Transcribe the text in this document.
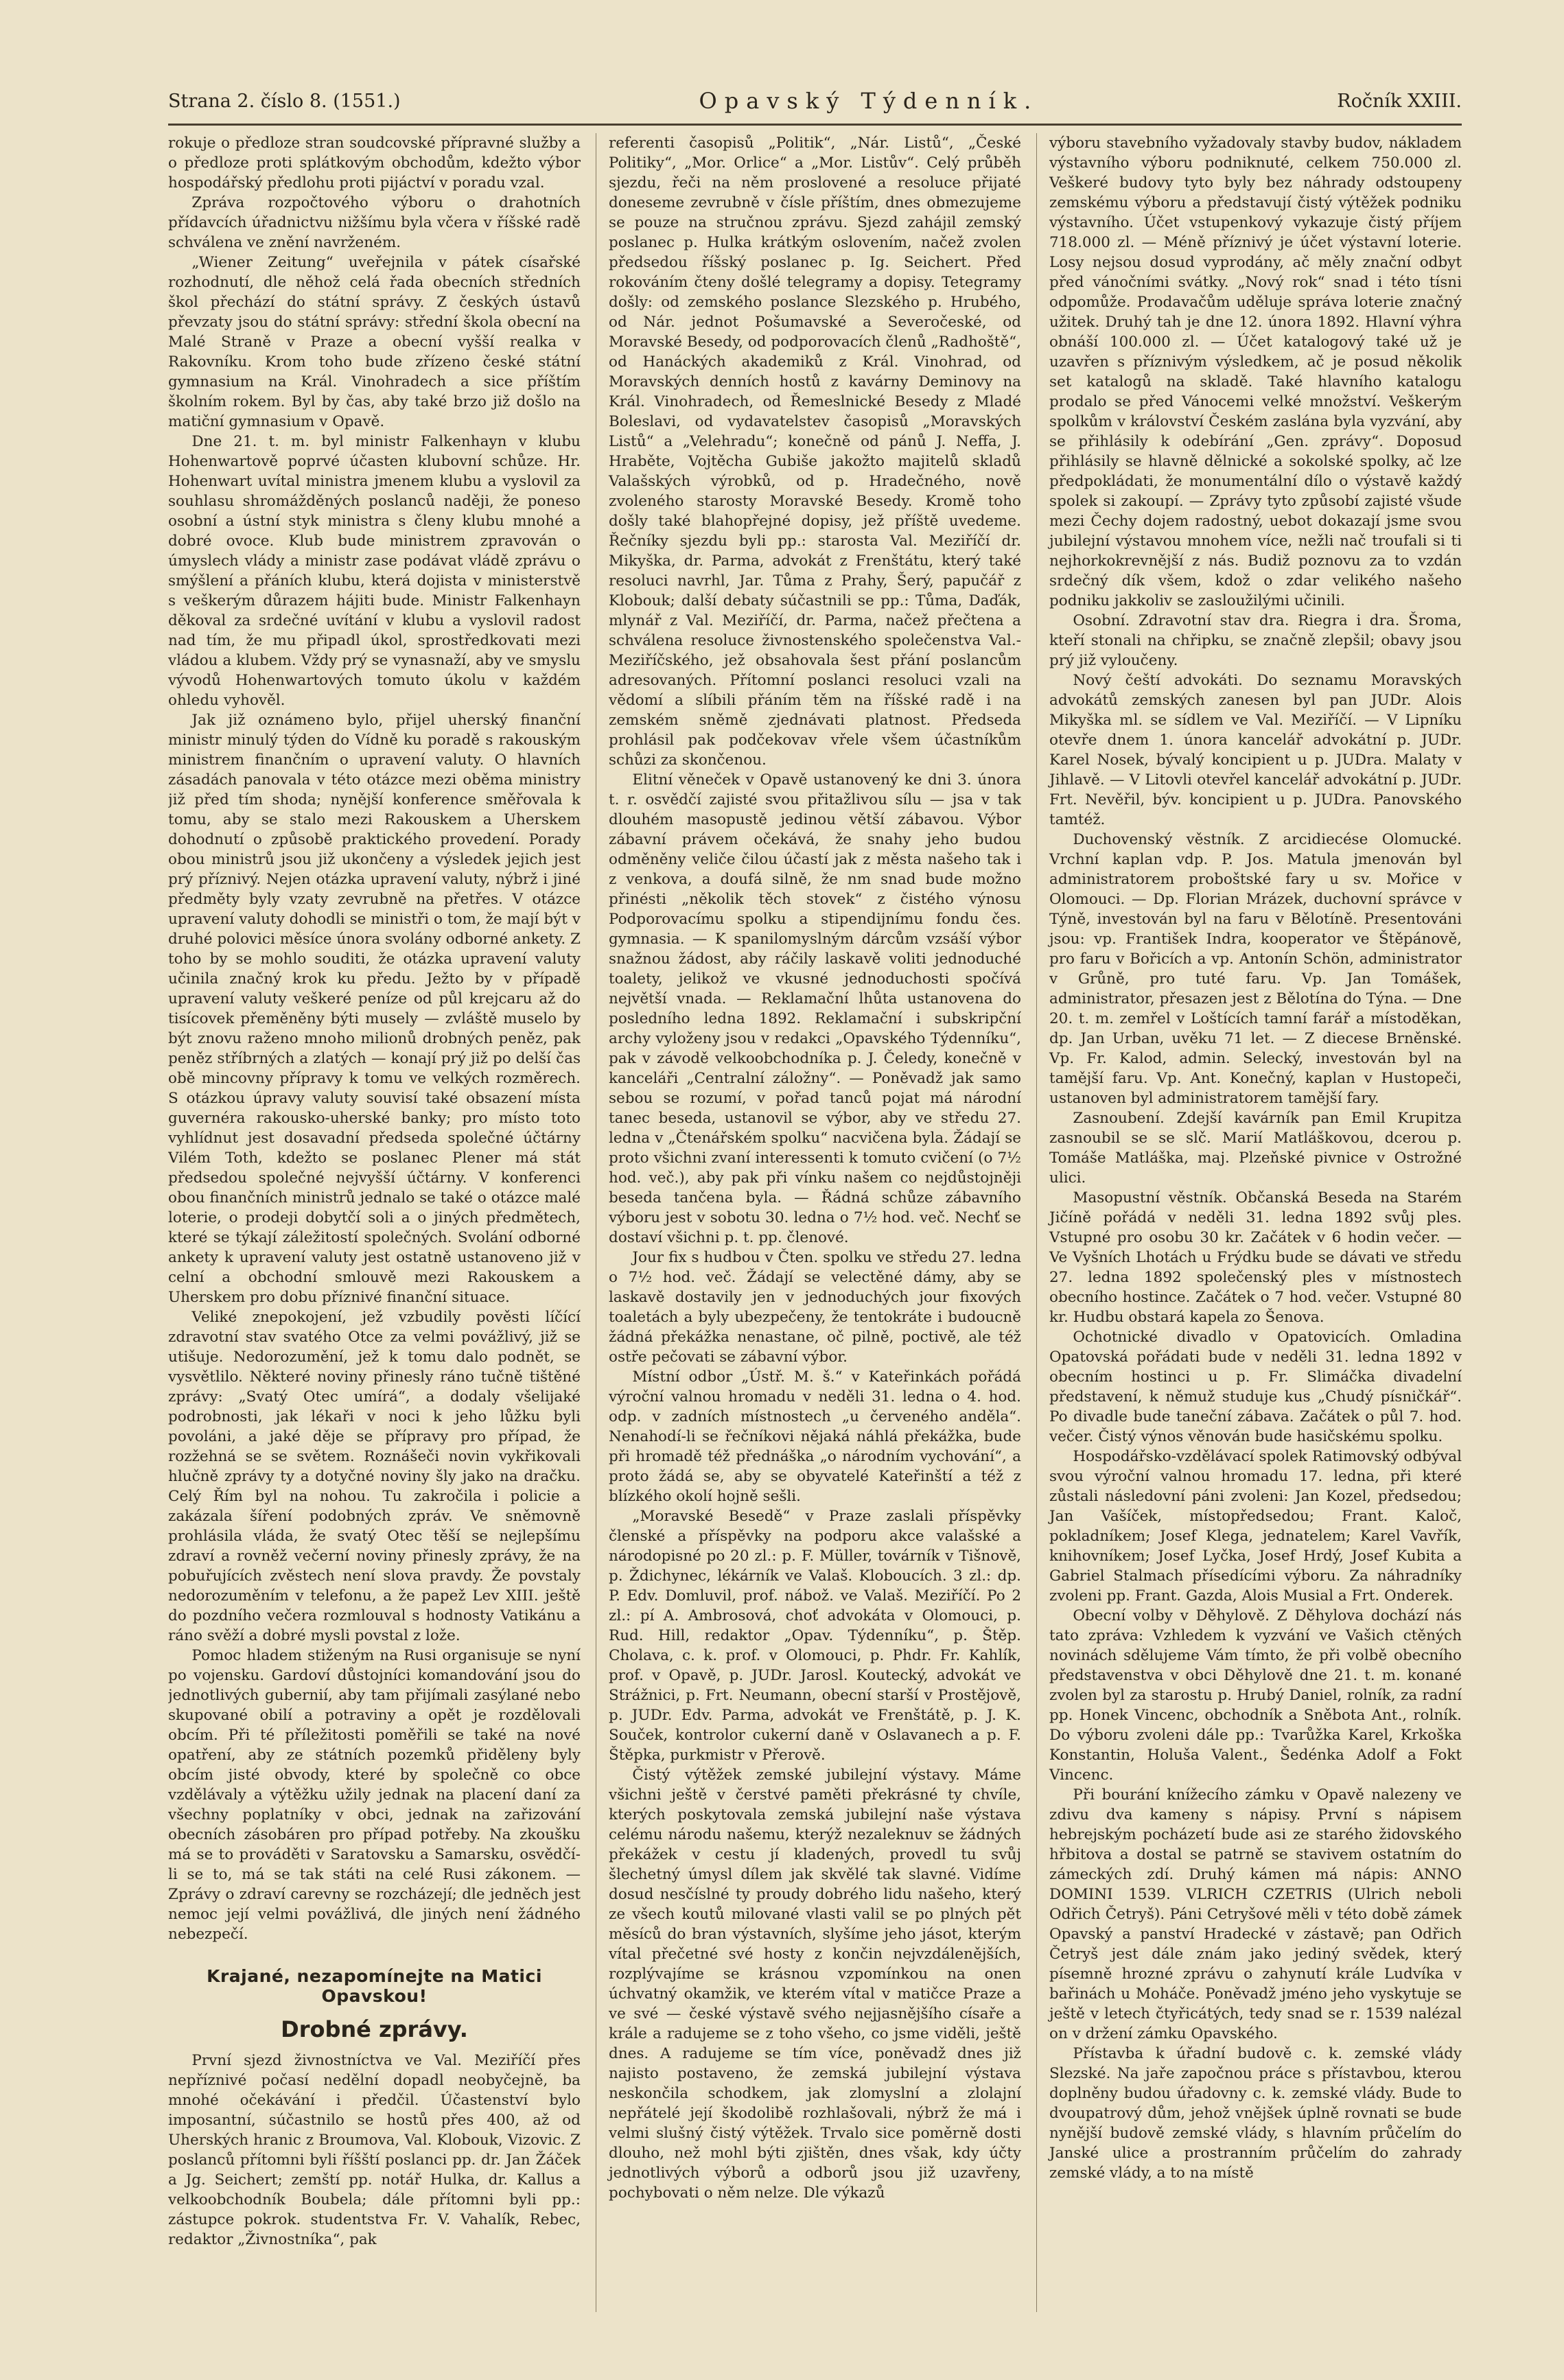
Strana 2. číslo 8. (1551.)	Opavský Týdenník.	Ročník XXIII.

rokuje o předloze stran soudcovské přípravné služby a o předloze proti splátkovým obchodům, kdežto výbor hospodářský předlohu proti pijáctví v poradu vzal.

Zpráva rozpočtového výboru o drahotních přídavcích úřadnictvu nižšímu byla včera v říšské radě schválena ve znění navrženém.

„Wiener Zeitung“ uveřejnila v pátek císařské rozhodnutí, dle něhož celá řada obecních středních škol přechází do státní správy. Z českých ústavů převzaty jsou do státní správy: střední škola obecní na Malé Straně v Praze a obecní vyšší realka v Rakovníku. Krom toho bude zřízeno české státní gymnasium na Král. Vinohradech a sice příštím školním rokem. Byl by čas, aby také brzo již došlo na matiční gymnasium v Opavě.

Dne 21. t. m. byl ministr Falkenhayn v klubu Hohenwartově poprvé účasten klubovní schůze. Hr. Hohenwart uvítal ministra jmenem klubu a vyslovil za souhlasu shromážděných poslanců naději, že poneso osobní a ústní styk ministra s členy klubu mnohé a dobré ovoce. Klub bude ministrem zpravován o úmyslech vlády a ministr zase podávat vládě zprávu o smýšlení a přáních klubu, která dojista v ministerstvě s veškerým důrazem hájiti bude. Ministr Falkenhayn děkoval za srdečné uvítání v klubu a vyslovil radost nad tím, že mu připadl úkol, sprostředkovati mezi vládou a klubem. Vždy prý se vynasnaží, aby ve smyslu vývodů Hohenwartových tomuto úkolu v každém ohledu vyhověl.

Jak již oznámeno bylo, přijel uherský finanční ministr minulý týden do Vídně ku poradě s rakouským ministrem finančním o upravení valuty. O hlavních zásadách panovala v této otázce mezi oběma ministry již před tím shoda; nynější konference směřovala k tomu, aby se stalo mezi Rakouskem a Uherskem dohodnutí o způsobě praktického provedení. Porady obou ministrů jsou již ukončeny a výsledek jejich jest prý příznivý. Nejen otázka upravení valuty, nýbrž i jiné předměty byly vzaty zevrubně na přetřes. V otázce upravení valuty dohodli se ministři o tom, že mají být v druhé polovici měsíce února svolány odborné ankety. Z toho by se mohlo souditi, že otázka upravení valuty učinila značný krok ku předu. Ježto by v případě upravení valuty veškeré peníze od půl krejcaru až do tisícovek přeměněny býti musely — zvláště muselo by být znovu raženo mnoho milionů drobných peněz, pak peněz stříbrných a zlatých — konají prý již po delší čas obě mincovny přípravy k tomu ve velkých rozměrech. S otázkou úpravy valuty souvisí také obsazení místa guvernéra rakousko-uherské banky; pro místo toto vyhlídnut jest dosavadní předseda společné účtárny Vilém Toth, kdežto se poslanec Plener má stát předsedou společné nejvyšší účtárny. V konferenci obou finančních ministrů jednalo se také o otázce malé loterie, o prodeji dobytčí soli a o jiných předmětech, které se týkají záležitostí společných. Svolání odborné ankety k upravení valuty jest ostatně ustanoveno již v celní a obchodní smlouvě mezi Rakouskem a Uherskem pro dobu příznivé finanční situace.

Veliké znepokojení, jež vzbudily pověsti líčící zdravotní stav svatého Otce za velmi povážlivý, již se utišuje. Nedorozumění, jež k tomu dalo podnět, se vysvětlilo. Některé noviny přinesly ráno tučně tištěné zprávy: „Svatý Otec umírá“, a dodaly všelijaké podrobnosti, jak lékaři v noci k jeho lůžku byli povoláni, a jaké děje se přípravy pro případ, že rozžehná se se světem. Roznášeči novin vykřikovali hlučně zprávy ty a dotyčné noviny šly jako na dračku. Celý Řím byl na nohou. Tu zakročila i policie a zakázala šíření podobných zpráv. Ve sněmovně prohlásila vláda, že svatý Otec těší se nejlepšímu zdraví a rovněž večerní noviny přinesly zprávy, že na pobuřujících zvěstech není slova pravdy. Že povstaly nedorozuměním v telefonu, a že papež Lev XIII. ještě do pozdního večera rozmlouval s hodnosty Vatikánu a ráno svěží a dobré mysli povstal z lože.

Pomoc hladem stiženým na Rusi organisuje se nyní po vojensku. Gardoví důstojníci komandování jsou do jednotlivých gubernií, aby tam přijímali zasýlané nebo skupované obilí a potraviny a opět je rozdělovali obcím. Při té příležitosti poměřili se také na nové opatření, aby ze státních pozemků přiděleny byly obcím jisté obvody, které by společně co obce vzdělávaly a výtěžku užily jednak na placení daní za všechny poplatníky v obci, jednak na zařizování obecních zásobáren pro případ potřeby. Na zkoušku má se to prováděti v Saratovsku a Samarsku, osvědčí-li se to, má se tak státi na celé Rusi zákonem. — Zprávy o zdraví carevny se rozcházejí; dle jedněch jest nemoc její velmi povážlivá, dle jiných není žádného nebezpečí.

Krajané, nezapomínejte na Matici Opavskou!
Drobné zprávy.

První sjezd živnostníctva ve Val. Meziříčí přes nepříznivé počasí nedělní dopadl neobyčejně, ba mnohé očekávání i předčil. Účastenství bylo imposantní, súčastnilo se hostů přes 400, až od Uherských hranic z Broumova, Val. Klobouk, Vizovic. Z poslanců přítomni byli říšští poslanci pp. dr. Jan Žáček a Jg. Seichert; zemští pp. notář Hulka, dr. Kallus a velkoobchodník Boubela; dále přítomni byli pp.: zástupce pokrok. studentstva Fr. V. Vahalík, Rebec, redaktor „Živnostníka“, pak

referenti časopisů „Politik“, „Nár. Listů“, „České Politiky“, „Mor. Orlice“ a „Mor. Listův“. Celý průběh sjezdu, řeči na něm proslovené a resoluce přijaté doneseme zevrubně v čísle příštím, dnes obmezujeme se pouze na stručnou zprávu. Sjezd zahájil zemský poslanec p. Hulka krátkým oslovením, načež zvolen předsedou říšský poslanec p. Ig. Seichert. Před rokováním čteny došlé telegramy a dopisy. Tetegramy došly: od zemského poslance Slezského p. Hrubého, od Nár. jednot Pošumavské a Severočeské, od Moravské Besedy, od podporovacích členů „Radhoště“, od Hanáckých akademiků z Král. Vinohrad, od Moravských denních hostů z kavárny Deminovy na Král. Vinohradech, od Řemeslnické Besedy z Mladé Boleslavi, od vydavatelstev časopisů „Moravských Listů“ a „Velehradu“; konečně od pánů J. Neffa, J. Hraběte, Vojtěcha Gubiše jakožto majitelů skladů Valašských výrobků, od p. Hradečného, nově zvoleného starosty Moravské Besedy. Kromě toho došly také blahopřejné dopisy, jež příště uvedeme. Řečníky sjezdu byli pp.: starosta Val. Meziříčí dr. Mikyška, dr. Parma, advokát z Frenštátu, který také resoluci navrhl, Jar. Tůma z Prahy, Šerý, papučář z Klobouk; další debaty súčastnili se pp.: Tůma, Daďák, mlynář z Val. Meziříčí, dr. Parma, načež přečtena a schválena resoluce živnostenského společenstva Val.-Meziříčského, jež obsahovala šest přání poslancům adresovaných. Přítomní poslanci resoluci vzali na vědomí a slíbili přáním těm na říšské radě i na zemském sněmě zjednávati platnost. Předseda prohlásil pak podčekovav vřele všem účastníkům schůzi za skončenou.

Elitní věneček v Opavě ustanovený ke dni 3. února t. r. osvědčí zajisté svou přitažlivou sílu — jsa v tak dlouhém masopustě jedinou větší zábavou. Výbor zábavní právem očekává, že snahy jeho budou odměněny veliče čilou účastí jak z města našeho tak i z venkova, a doufá silně, že nm snad bude možno přinésti „několik těch stovek“ z čistého výnosu Podporovacímu spolku a stipendijnímu fondu čes. gymnasia. — K spanilomyslným dárcům vzsáší výbor snažnou žádost, aby ráčily laskavě voliti jednoduché toalety, jelikož ve vkusné jednoduchosti spočívá největší vnada. — Reklamační lhůta ustanovena do posledního ledna 1892. Reklamační i subskripční archy vyloženy jsou v redakci „Opavského Týdenníku“, pak v závodě velkoobchodníka p. J. Čeledy, konečně v kanceláři „Centralní záložny“. — Poněvadž jak samo sebou se rozumí, v pořad tanců pojat má národní tanec beseda, ustanovil se výbor, aby ve středu 27. ledna v „Čtenářském spolku“ nacvičena byla. Žádají se proto všichni zvaní interessenti k tomuto cvičení (o 7½ hod. več.), aby pak při vínku našem co nejdůstojněji beseda tančena byla. — Řádná schůze zábavního výboru jest v sobotu 30. ledna o 7½ hod. več. Nechť se dostaví všichni p. t. pp. členové.

Jour fix s hudbou v Čten. spolku ve středu 27. ledna o 7½ hod. več. Žádají se velectěné dámy, aby se laskavě dostavily jen v jednoduchých jour fixových toaletách a byly ubezpečeny, že tentokráte i budoucně žádná překážka nenastane, oč pilně, poctivě, ale též ostře pečovati se zábavní výbor.

Místní odbor „Ústř. M. š.“ v Kateřinkách pořádá výroční valnou hromadu v neděli 31. ledna o 4. hod. odp. v zadních místnostech „u červeného anděla“. Nenahodí-li se řečníkovi nějaká náhlá překážka, bude při hromadě též přednáška „o národním vychování“, a proto žádá se, aby se obyvatelé Kateřinští a též z blízkého okolí hojně sešli.

„Moravské Besedě“ v Praze zaslali příspěvky členské a příspěvky na podporu akce valašské a národopisné po 20 zl.: p. F. Müller, továrník v Tišnově, p. Ždichynec, lékárník ve Valaš. Kloboucích. 3 zl.: dp. P. Edv. Domluvil, prof. nábož. ve Valaš. Meziříčí. Po 2 zl.: pí A. Ambrosová, choť advokáta v Olomouci, p. Rud. Hill, redaktor „Opav. Týdenníku“, p. Štěp. Cholava, c. k. prof. v Olomouci, p. Phdr. Fr. Kahlík, prof. v Opavě, p. JUDr. Jarosl. Koutecký, advokát ve Strážnici, p. Frt. Neumann, obecní starší v Prostějově, p. JUDr. Edv. Parma, advokát ve Frenštátě, p. J. K. Souček, kontrolor cukerní daně v Oslavanech a p. F. Štěpka, purkmistr v Přerově.

Čistý výtěžek zemské jubilejní výstavy. Máme všichni ještě v čerstvé paměti překrásné ty chvíle, kterých poskytovala zemská jubilejní naše výstava celému národu našemu, kterýž nezaleknuv se žádných překážek v cestu jí kladených, provedl tu svůj šlechetný úmysl dílem jak skvělé tak slavné. Vidíme dosud nesčíslné ty proudy dobrého lidu našeho, který ze všech koutů milované vlasti valil se po plných pět měsíců do bran výstavních, slyšíme jeho jásot, kterým vítal přečetné své hosty z končin nejvzdálenějších, rozplývajíme se krásnou vzpomínkou na onen úchvatný okamžik, ve kterém vítal v matičce Praze a ve své — české výstavě svého nejjasnějšího císaře a krále a radujeme se z toho všeho, co jsme viděli, ještě dnes. A radujeme se tím více, poněvadž dnes již najisto postaveno, že zemská jubilejní výstava neskončila schodkem, jak zlomyslní a zlolajní nepřátelé její škodolibě rozhlašovali, nýbrž že má i velmi slušný čistý výtěžek. Trvalo sice poměrně dosti dlouho, než mohl býti zjištěn, dnes však, kdy účty jednotlivých výborů a odborů jsou již uzavřeny, pochybovati o něm nelze. Dle výkazů

výboru stavebního vyžadovaly stavby budov, nákladem výstavního výboru podniknuté, celkem 750.000 zl. Veškeré budovy tyto byly bez náhrady odstoupeny zemskému výboru a představují čistý výtěžek podniku výstavního. Účet vstupenkový vykazuje čistý příjem 718.000 zl. — Méně příznivý je účet výstavní loterie. Losy nejsou dosud vyprodány, ač měly znační odbyt před vánočními svátky. „Nový rok“ snad i této tísni odpomůže. Prodavačům uděluje správa loterie značný užitek. Druhý tah je dne 12. února 1892. Hlavní výhra obnáší 100.000 zl. — Účet katalogový také už je uzavřen s příznivým výsledkem, ač je posud několik set katalogů na skladě. Také hlavního katalogu prodalo se před Vánocemi velké množství. Veškerým spolkům v království Českém zaslána byla vyzvání, aby se přihlásily k odebírání „Gen. zprávy“. Doposud přihlásily se hlavně dělnické a sokolské spolky, ač lze předpokládati, že monumentální dílo o výstavě každý spolek si zakoupí. — Zprávy tyto způsobí zajisté všude mezi Čechy dojem radostný, uebot dokazají jsme svou jubilejní výstavou mnohem více, nežli nač troufali si ti nejhorkokrevnější z nás. Budiž poznovu za to vzdán srdečný dík všem, kdož o zdar velikého našeho podniku jakkoliv se zasloužilými učinili.

Osobní. Zdravotní stav dra. Riegra i dra. Šroma, kteří stonali na chřipku, se značně zlepšil; obavy jsou prý již vyloučeny.

Nový čeští advokáti. Do seznamu Moravských advokátů zemských zanesen byl pan JUDr. Alois Mikyška ml. se sídlem ve Val. Meziříčí. — V Lipníku otevře dnem 1. února kancelář advokátní p. JUDr. Karel Nosek, bývalý koncipient u p. JUDra. Malaty v Jihlavě. — V Litovli otevřel kancelář advokátní p. JUDr. Frt. Nevěřil, býv. koncipient u p. JUDra. Panovského tamtéž.

Duchovenský věstník. Z arcidiecése Olomucké. Vrchní kaplan vdp. P. Jos. Matula jmenován byl administratorem proboštské fary u sv. Mořice v Olomouci. — Dp. Florian Mrázek, duchovní správce v Týně, investován byl na faru v Bělotíně. Presentováni jsou: vp. František Indra, kooperator ve Štěpánově, pro faru v Bořicích a vp. Antonín Schön, administrator v Grůně, pro tuté faru. Vp. Jan Tomášek, administrator, přesazen jest z Bělotína do Týna. — Dne 20. t. m. zemřel v Loštících tamní farář a místoděkan, dp. Jan Urban, uvěku 71 let. — Z diecese Brněnské. Vp. Fr. Kalod, admin. Selecký, investován byl na tamější faru. Vp. Ant. Konečný, kaplan v Hustopeči, ustanoven byl administratorem tamější fary.

Zasnoubení. Zdejší kavárník pan Emil Krupitza zasnoubil se se slč. Marií Matláškovou, dcerou p. Tomáše Matláška, maj. Plzeňské pivnice v Ostrožné ulici.

Masopustní věstník. Občanská Beseda na Starém Jičíně pořádá v neděli 31. ledna 1892 svůj ples. Vstupné pro osobu 30 kr. Začátek v 6 hodin večer. — Ve Vyšních Lhotách u Frýdku bude se dávati ve středu 27. ledna 1892 společenský ples v místnostech obecního hostince. Začátek o 7 hod. večer. Vstupné 80 kr. Hudbu obstará kapela zo Šenova.

Ochotnické divadlo v Opatovicích. Omladina Opatovská pořádati bude v neděli 31. ledna 1892 v obecním hostinci u p. Fr. Slimáčka divadelní představení, k němuž studuje kus „Chudý písničkář“. Po divadle bude taneční zábava. Začátek o půl 7. hod. večer. Čistý výnos věnován bude hasičskému spolku.

Hospodářsko-vzdělávací spolek Ratimovský odbýval svou výroční valnou hromadu 17. ledna, při které zůstali následovní páni zvoleni: Jan Kozel, předsedou; Jan Vašíček, místopředsedou; Frant. Kaloč, pokladníkem; Josef Klega, jednatelem; Karel Vavřík, knihovníkem; Josef Lyčka, Josef Hrdý, Josef Kubita a Gabriel Stalmach přísedícími výboru. Za náhradníky zvoleni pp. Frant. Gazda, Alois Musial a Frt. Onderek.

Obecní volby v Děhylově. Z Děhylova dochází nás tato zpráva: Vzhledem k vyzvání ve Vašich ctěných novinách sdělujeme Vám tímto, že při volbě obecního představenstva v obci Děhylově dne 21. t. m. konané zvolen byl za starostu p. Hrubý Daniel, rolník, za radní pp. Honek Vincenc, obchodník a Sněbota Ant., rolník. Do výboru zvoleni dále pp.: Tvarůžka Karel, Krkoška Konstantin, Holuša Valent., Šedénka Adolf a Fokt Vincenc.

Při bourání knížecího zámku v Opavě nalezeny ve zdivu dva kameny s nápisy. První s nápisem hebrejským pocházetí bude asi ze starého židovského hřbitova a dostal se patrně se stavivem ostatním do zámeckých zdí. Druhý kámen má nápis: ANNO DOMINI 1539. VLRICH CZETRIS (Ulrich neboli Odřich Četryš). Páni Cetryšové měli v této době zámek Opavský a panství Hradecké v zástavě; pan Odřich Četryš jest dále znám jako jediný svědek, který písemně hrozné zprávu o zahynutí krále Ludvíka v bařinách u Moháče. Poněvadž jméno jeho vyskytuje se ještě v letech čtyřicátých, tedy snad se r. 1539 nalézal on v držení zámku Opavského.

Přístavba k úřadní budově c. k. zemské vlády Slezské. Na jaře započnou práce s přístavbou, kterou doplněny budou úřadovny c. k. zemské vlády. Bude to dvoupatrový dům, jehož vnějšek úplně rovnati se bude nynější budově zemské vlády, s hlavním průčelím do Janské ulice a prostranním průčelím do zahrady zemské vlády, a to na místě
